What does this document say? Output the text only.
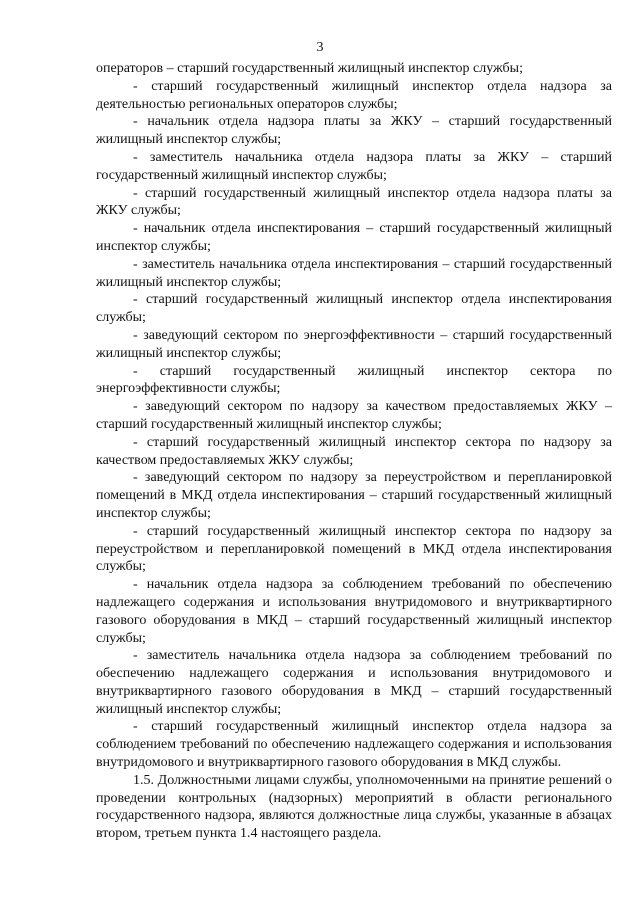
3

операторов – старший государственный жилищный инспектор службы;

- старший государственный жилищный инспектор отдела надзора за деятельностью региональных операторов службы;

- начальник отдела надзора платы за ЖКУ – старший государственный жилищный инспектор службы;

- заместитель начальника отдела надзора платы за ЖКУ – старший государственный жилищный инспектор службы;

- старший государственный жилищный инспектор отдела надзора платы за ЖКУ службы;

- начальник отдела инспектирования – старший государственный жилищный инспектор службы;

- заместитель начальника отдела инспектирования – старший государственный жилищный инспектор службы;

- старший государственный жилищный инспектор отдела инспектирования службы;

- заведующий сектором по энергоэффективности – старший государственный жилищный инспектор службы;

- старший государственный жилищный инспектор сектора по энергоэффективности службы;

- заведующий сектором по надзору за качеством предоставляемых ЖКУ – старший государственный жилищный инспектор службы;

- старший государственный жилищный инспектор сектора по надзору за качеством предоставляемых ЖКУ службы;

- заведующий сектором по надзору за переустройством и перепланировкой помещений в МКД отдела инспектирования – старший государственный жилищный инспектор службы;

- старший государственный жилищный инспектор сектора по надзору за переустройством и перепланировкой помещений в МКД отдела инспектирования службы;

- начальник отдела надзора за соблюдением требований по обеспечению надлежащего содержания и использования внутридомового и внутриквартирного газового оборудования в МКД – старший государственный жилищный инспектор службы;

- заместитель начальника отдела надзора за соблюдением требований по обеспечению надлежащего содержания и использования внутридомового и внутриквартирного газового оборудования в МКД – старший государственный жилищный инспектор службы;

- старший государственный жилищный инспектор отдела надзора за соблюдением требований по обеспечению надлежащего содержания и использования внутридомового и внутриквартирного газового оборудования в МКД службы.

1.5. Должностными лицами службы, уполномоченными на принятие решений о проведении контрольных (надзорных) мероприятий в области регионального государственного надзора, являются должностные лица службы, указанные в абзацах втором, третьем пункта 1.4 настоящего раздела.
